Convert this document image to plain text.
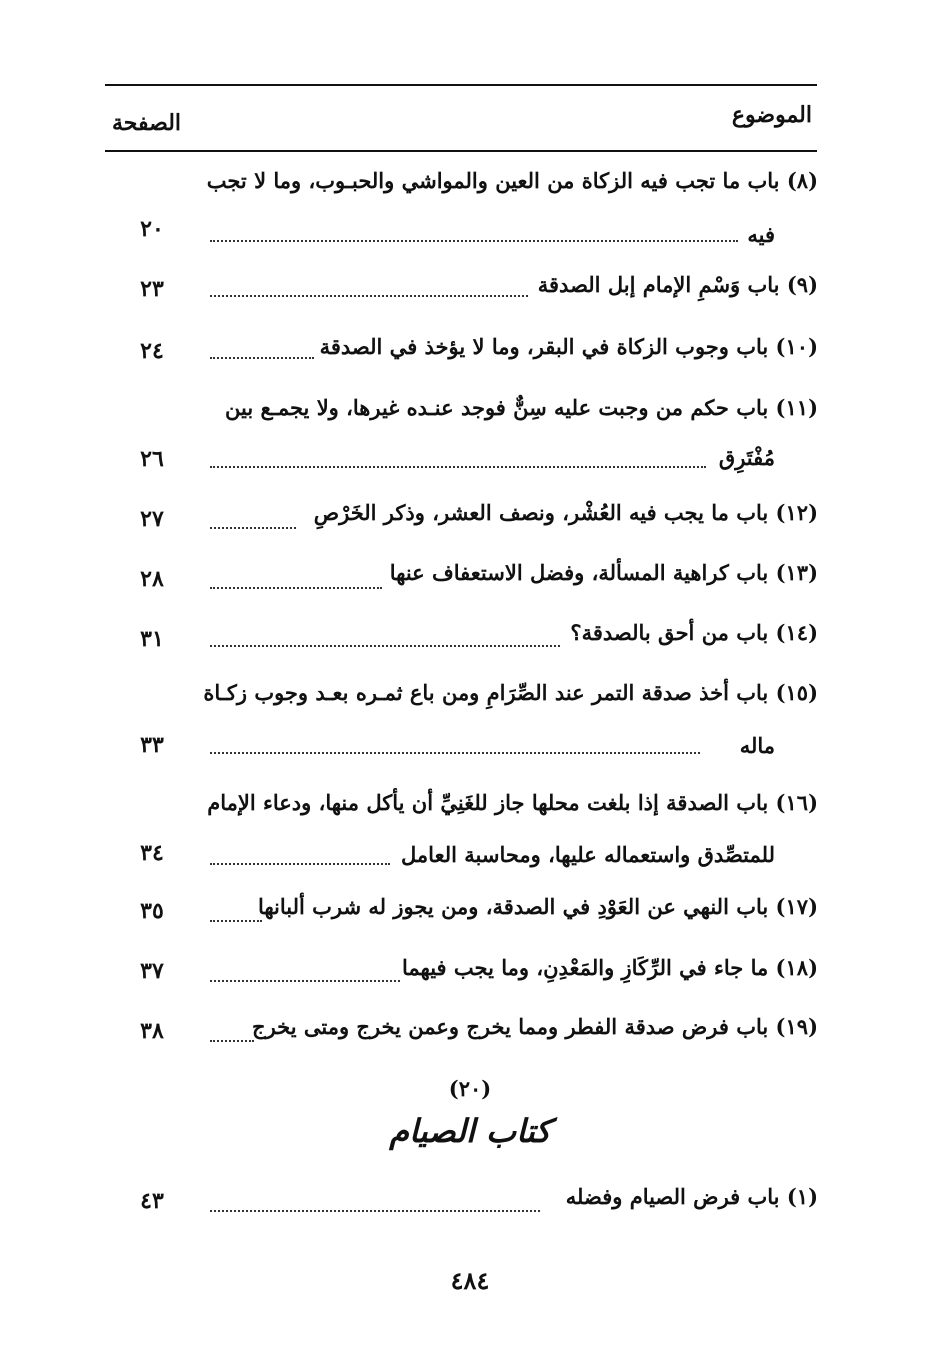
الموضوع
الصفحة
(٨) باب ما تجب فيه الزكاة من العين والمواشي والحبـوب، وما لا تجب
فيه
٢٠
(٩) باب وَسْمِ الإمام إبل الصدقة
٢٣
(١٠) باب وجوب الزكاة في البقر، وما لا يؤخذ في الصدقة
٢٤
(١١) باب حكم من وجبت عليه سِنٌّ فوجد عنـده غيرها، ولا يجمـع بين
مُفْتَرِق
٢٦
(١٢) باب ما يجب فيه العُشْر، ونصف العشر، وذكر الخَرْصِ
٢٧
(١٣) باب كراهية المسألة، وفضل الاستعفاف عنها
٢٨
(١٤) باب من أحق بالصدقة؟
٣١
(١٥) باب أخذ صدقة التمر عند الصِّرَامِ ومن باع ثمـره بعـد وجوب زكـاة
ماله
٣٣
(١٦) باب الصدقة إذا بلغت محلها جاز للغَنِيِّ أن يأكل منها، ودعاء الإمام
للمتصِّدق واستعماله عليها، ومحاسبة العامل
٣٤
(١٧) باب النهي عن العَوْدِ في الصدقة، ومن يجوز له شرب ألبانها
٣٥
(١٨) ما جاء في الرِّكَازِ والمَعْدِنِ، وما يجب فيهما
٣٧
(١٩) باب فرض صدقة الفطر ومما يخرج وعمن يخرج ومتى يخرج
٣٨
(٢٠)
كتاب الصيام
(١) باب فرض الصيام وفضله
٤٣
٤٨٤
